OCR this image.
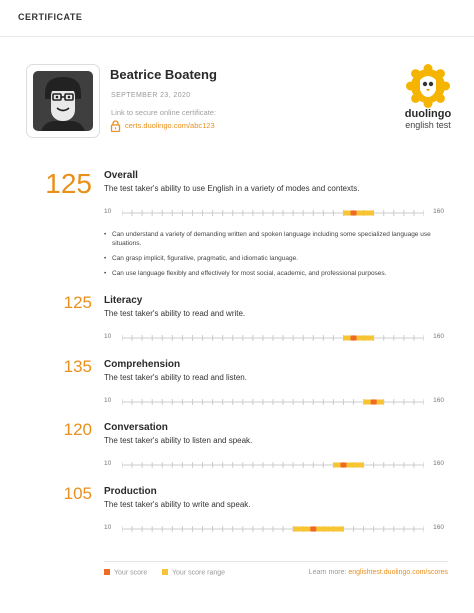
CERTIFICATE
Beatrice Boateng
SEPTEMBER 23, 2020
Link to secure online certificate:
certs.duolingo.com/abc123
duolingo
english test
125 Overall
The test taker's ability to use English in a variety of modes and contexts.
10	160
• Can understand a variety of demanding written and spoken language including some specialized language use situations.
• Can grasp implicit, figurative, pragmatic, and idiomatic language.
• Can use language flexibly and effectively for most social, academic, and professional purposes.
125 Literacy
The test taker's ability to read and write.
10	160
135 Comprehension
The test taker's ability to read and listen.
10	160
120 Conversation
The test taker's ability to listen and speak.
10	160
105 Production
The test taker's ability to write and speak.
10	160
Your score	Your score range	Learn more: englishtest.duolingo.com/scores
